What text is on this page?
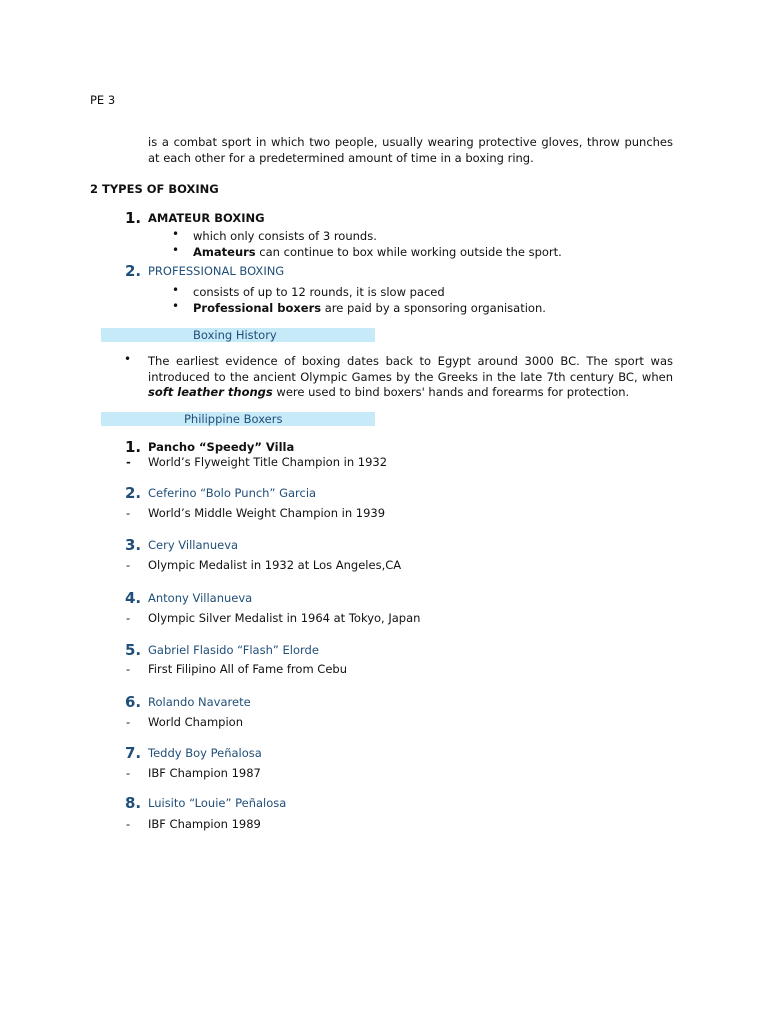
PE 3
is a combat sport in which two people, usually wearing protective gloves, throw punches at each other for a predetermined amount of time in a boxing ring.
2 TYPES OF BOXING
1. AMATEUR BOXING
• which only consists of 3 rounds.
• Amateurs can continue to box while working outside the sport.
2. PROFESSIONAL BOXING
• consists of up to 12 rounds, it is slow paced
• Professional boxers are paid by a sponsoring organisation.
Boxing History
• The earliest evidence of boxing dates back to Egypt around 3000 BC. The sport was introduced to the ancient Olympic Games by the Greeks in the late 7th century BC, when soft leather thongs were used to bind boxers' hands and forearms for protection.
Philippine Boxers
1. Pancho “Speedy” Villa
- World’s Flyweight Title Champion in 1932
2. Ceferino “Bolo Punch” Garcia
- World’s Middle Weight Champion in 1939
3. Cery Villanueva
- Olympic Medalist in 1932 at Los Angeles,CA
4. Antony Villanueva
- Olympic Silver Medalist in 1964 at Tokyo, Japan
5. Gabriel Flasido “Flash” Elorde
- First Filipino All of Fame from Cebu
6. Rolando Navarete
- World Champion
7. Teddy Boy Peñalosa
- IBF Champion 1987
8. Luisito “Louie” Peñalosa
- IBF Champion 1989
